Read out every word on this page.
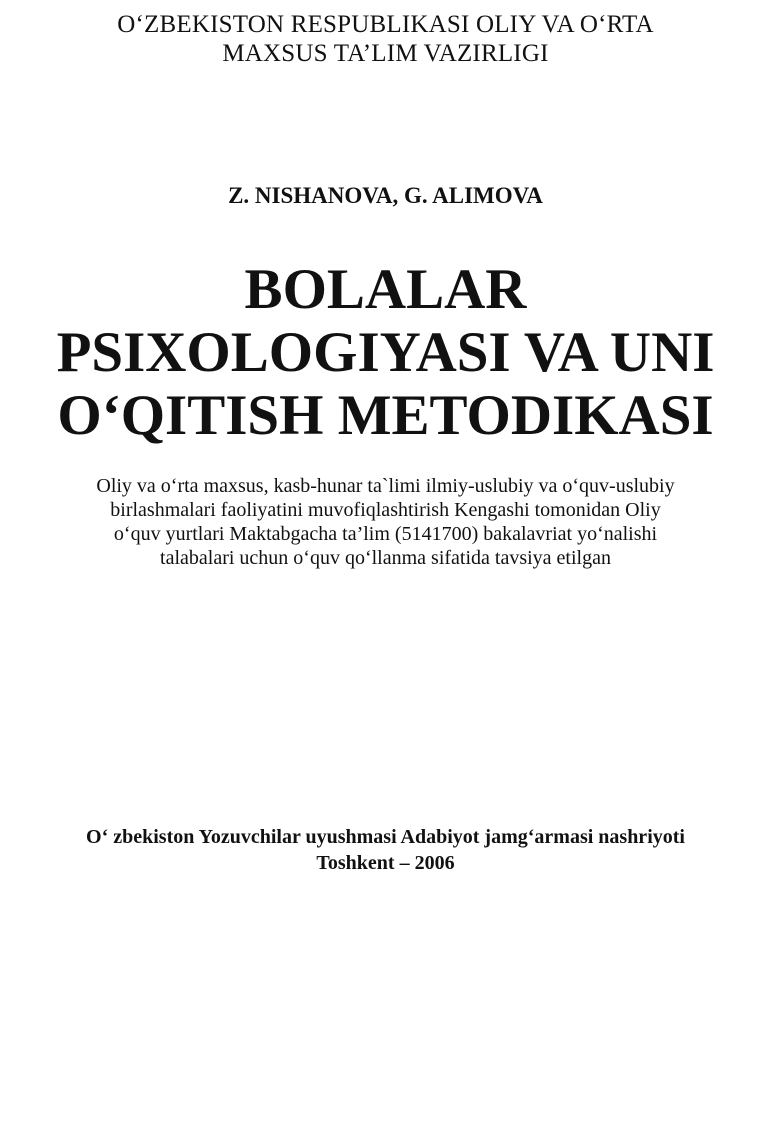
O‘ZBEKISTON RESPUBLIKASI OLIY VA O‘RTA
MAXSUS TA’LIM VAZIRLIGI
Z. NISHANOVA, G. ALIMOVA
BOLALAR
PSIXOLOGIYASI VA UNI
O‘QITISH METODIKASI
Oliy va o‘rta maxsus, kasb-hunar ta`limi ilmiy-uslubiy va o‘quv-uslubiy
birlashmalari faoliyatini muvofiqlashtirish Kengashi tomonidan Oliy
o‘quv yurtlari Maktabgacha ta’lim (5141700) bakalavriat yo‘nalishi
talabalari uchun o‘quv qo‘llanma sifatida tavsiya etilgan
O‘ zbekiston Yozuvchilar uyushmasi Adabiyot jamg‘armasi nashriyoti
Toshkent – 2006
